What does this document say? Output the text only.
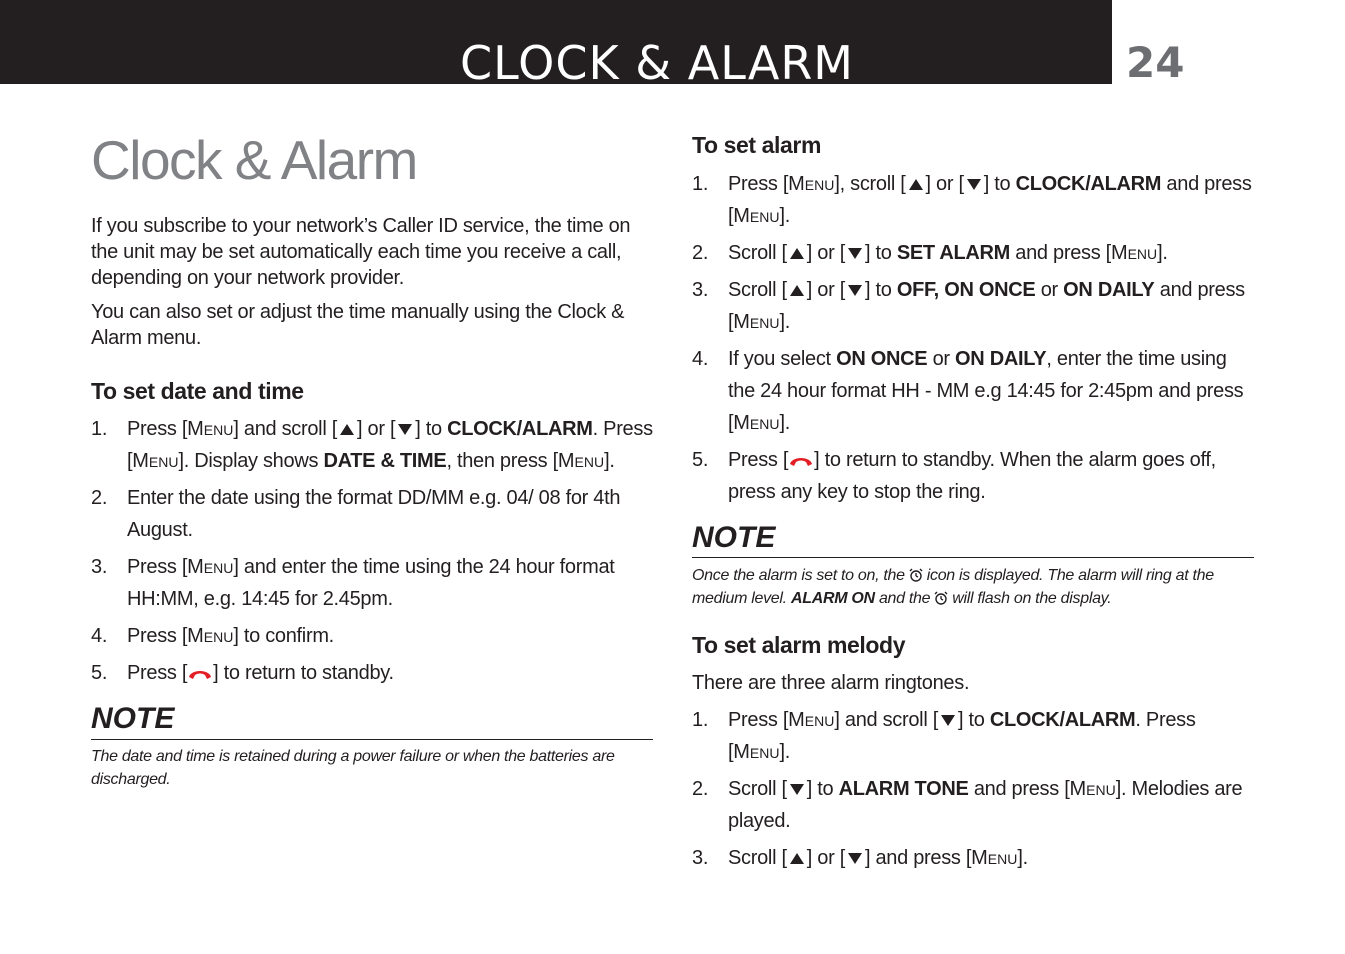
CLOCK & ALARM	24
Clock & Alarm

If you subscribe to your network’s Caller ID service, the time on the unit may be set automatically each time you receive a call, depending on your network provider.

You can also set or adjust the time manually using the Clock & Alarm menu.

To set date and time
1. Press [Menu] and scroll [ ] or [ ] to CLOCK/ALARM. Press [Menu]. Display shows DATE & TIME, then press [Menu].
2. Enter the date using the format DD/MM e.g. 04/ 08 for 4th August.
3. Press [Menu] and enter the time using the 24 hour format HH:MM, e.g. 14:45 for 2.45pm.
4. Press [Menu] to confirm.
5. Press [ ] to return to standby.
NOTE

The date and time is retained during a power failure or when the batteries are discharged.

To set alarm
1. Press [Menu], scroll [ ] or [ ] to CLOCK/ALARM and press [Menu].
2. Scroll [ ] or [ ] to SET ALARM and press [Menu].
3. Scroll [ ] or [ ] to OFF, ON ONCE or ON DAILY and press [Menu].
4. If you select ON ONCE or ON DAILY, enter the time using the 24 hour format HH - MM e.g 14:45 for 2:45pm and press [Menu].
5. Press [ ] to return to standby. When the alarm goes off, press any key to stop the ring.
NOTE

Once the alarm is set to on, the icon is displayed. The alarm will ring at the medium level. ALARM ON and the will flash on the display.

To set alarm melody

There are three alarm ringtones.

1. Press [Menu] and scroll [ ] to CLOCK/ALARM. Press [Menu].
2. Scroll [ ] to ALARM TONE and press [Menu]. Melodies are played.
3. Scroll [ ] or [ ] and press [Menu].
